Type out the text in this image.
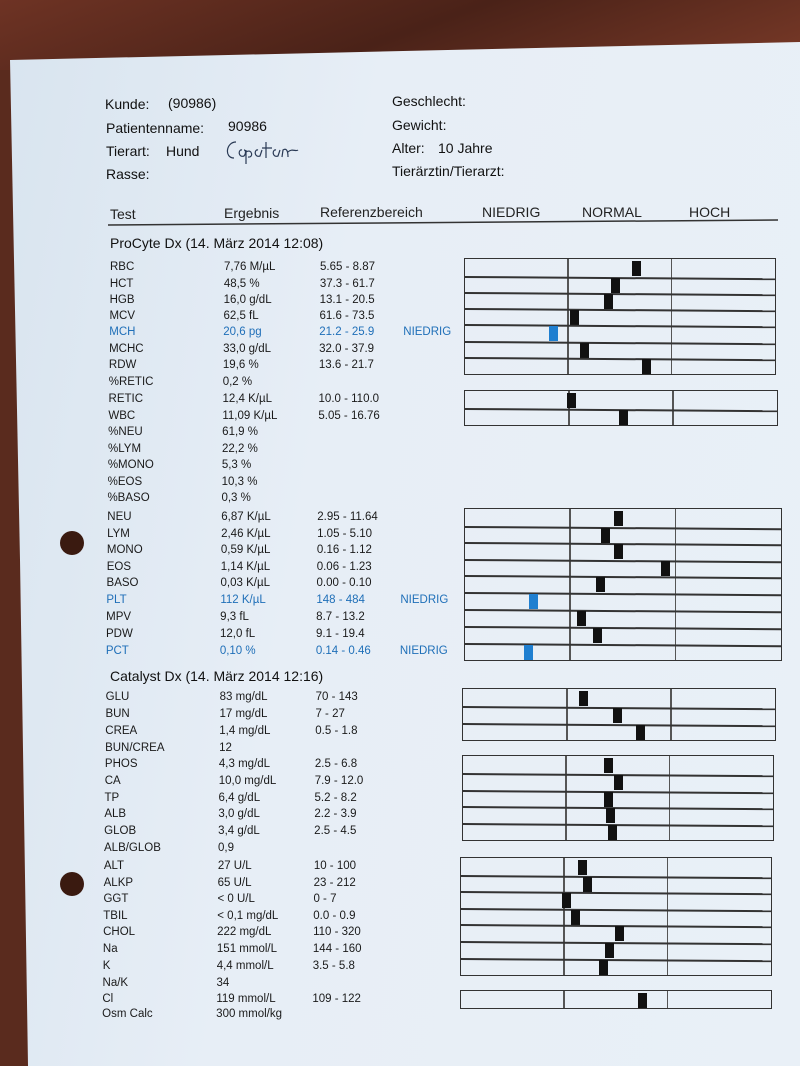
Kunde: (90986)
Patientenname: 90986
Tierart: Hund
Rasse:
Geschlecht:
Gewicht:
Alter: 10 Jahre
Tierärztin/Tierarzt:
Test	Ergebnis	Referenzbereich	NIEDRIG	NORMAL	HOCH
ProCyte Dx (14. März 2014 12:08)
Catalyst Dx (14. März 2014 12:16)
RBC	7,76 M/µL	5.65 - 8.87
HCT	48,5 %	37.3 - 61.7
HGB	16,0 g/dL	13.1 - 20.5
MCV	62,5 fL	61.6 - 73.5
MCH	20,6 pg	21.2 - 25.9	NIEDRIG
MCHC	33,0 g/dL	32.0 - 37.9
RDW	19,6 %	13.6 - 21.7
%RETIC	0,2 %
RETIC	12,4 K/µL	10.0 - 110.0
WBC	11,09 K/µL	5.05 - 16.76
%NEU	61,9 %
%LYM	22,2 %
%MONO	5,3 %
%EOS	10,3 %
%BASO	0,3 %
NEU	6,87 K/µL	2.95 - 11.64
LYM	2,46 K/µL	1.05 - 5.10
MONO	0,59 K/µL	0.16 - 1.12
EOS	1,14 K/µL	0.06 - 1.23
BASO	0,03 K/µL	0.00 - 0.10
PLT	112 K/µL	148 - 484	NIEDRIG
MPV	9,3 fL	8.7 - 13.2
PDW	12,0 fL	9.1 - 19.4
PCT	0,10 %	0.14 - 0.46	NIEDRIG
GLU	83 mg/dL	70 - 143
BUN	17 mg/dL	7 - 27
CREA	1,4 mg/dL	0.5 - 1.8
BUN/CREA	12
PHOS	4,3 mg/dL	2.5 - 6.8
CA	10,0 mg/dL	7.9 - 12.0
TP	6,4 g/dL	5.2 - 8.2
ALB	3,0 g/dL	2.2 - 3.9
GLOB	3,4 g/dL	2.5 - 4.5
ALB/GLOB	0,9
ALT	27 U/L	10 - 100
ALKP	65 U/L	23 - 212
GGT	< 0 U/L	0 - 7
TBIL	< 0,1 mg/dL	0.0 - 0.9
CHOL	222 mg/dL	110 - 320
Na	151 mmol/L	144 - 160
K	4,4 mmol/L	3.5 - 5.8
Na/K	34
Cl	119 mmol/L	109 - 122
Osm Calc	300 mmol/kg
